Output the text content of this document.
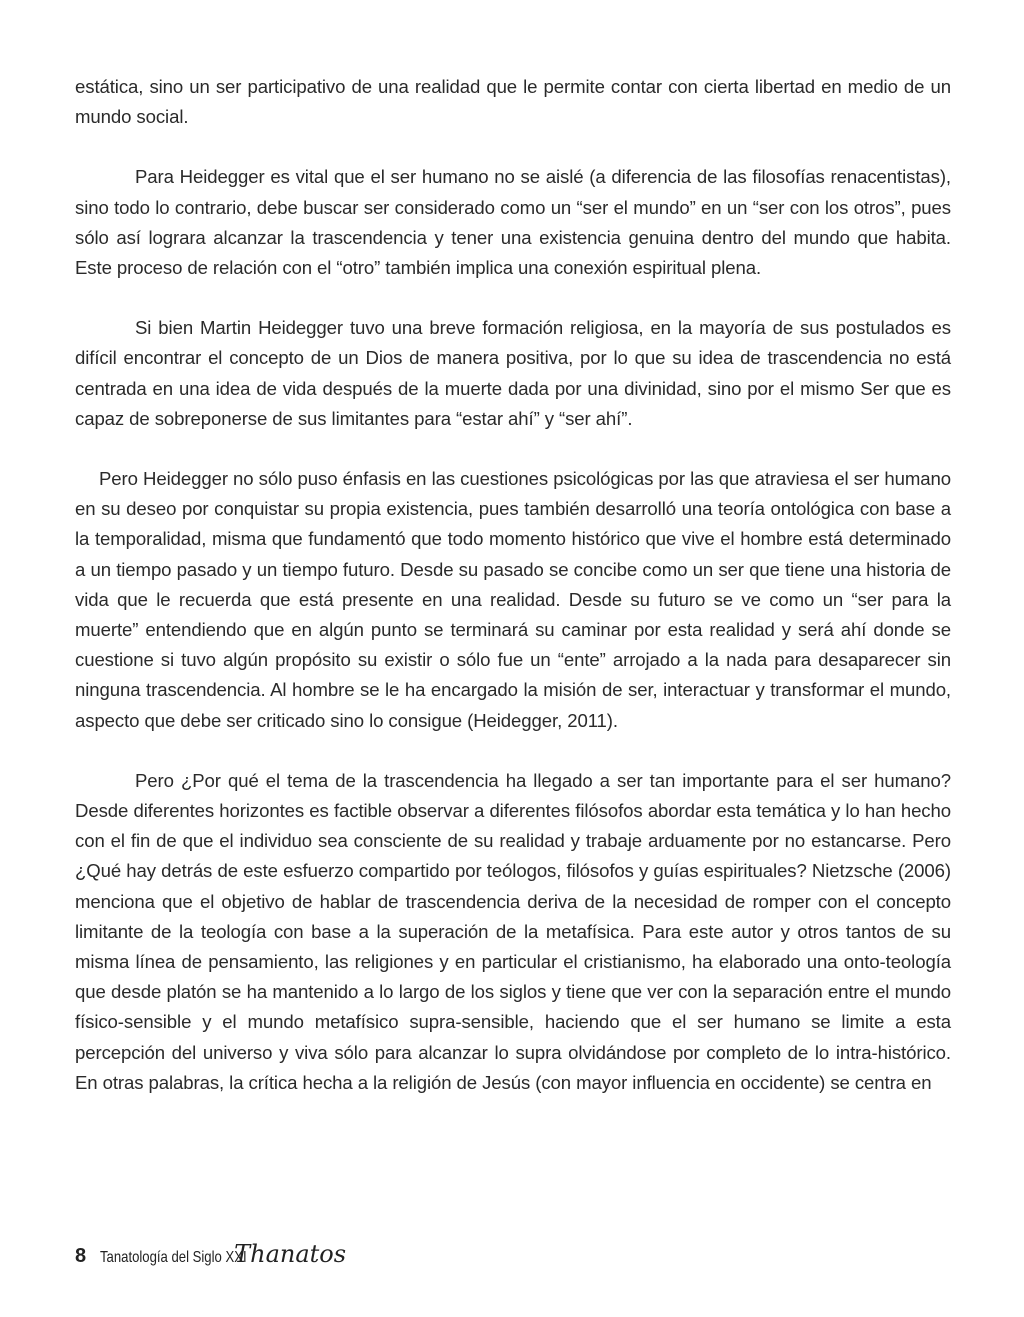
estática, sino un ser participativo de una realidad que le permite contar con cierta libertad en medio de un mundo social.

Para Heidegger es vital que el ser humano no se aislé (a diferencia de las filosofías renacentistas), sino todo lo contrario, debe buscar ser considerado como un “ser el mundo” en un “ser con los otros”, pues sólo así lograra alcanzar la trascendencia y tener una existencia genuina dentro del mundo que habita. Este proceso de relación con el “otro” también implica una conexión espiritual plena.

Si bien Martin Heidegger tuvo una breve formación religiosa, en la mayoría de sus postulados es difícil encontrar el concepto de un Dios de manera positiva, por lo que su idea de trascendencia no está centrada en una idea de vida después de la muerte dada por una divinidad, sino por el mismo Ser que es capaz de sobreponerse de sus limitantes para “estar ahí” y “ser ahí”.

Pero Heidegger no sólo puso énfasis en las cuestiones psicológicas por las que atraviesa el ser humano en su deseo por conquistar su propia existencia, pues también desarrolló una teoría ontológica con base a la temporalidad, misma que fundamentó que todo momento histórico que vive el hombre está determinado a un tiempo pasado y un tiempo futuro. Desde su pasado se concibe como un ser que tiene una historia de vida que le recuerda que está presente en una realidad. Desde su futuro se ve como un “ser para la muerte” entendiendo que en algún punto se terminará su caminar por esta realidad y será ahí donde se cuestione si tuvo algún propósito su existir o sólo fue un “ente” arrojado a la nada para desaparecer sin ninguna trascendencia. Al hombre se le ha encargado la misión de ser, interactuar y transformar el mundo, aspecto que debe ser criticado sino lo consigue (Heidegger, 2011).

Pero ¿Por qué el tema de la trascendencia ha llegado a ser tan importante para el ser humano? Desde diferentes horizontes es factible observar a diferentes filósofos abordar esta temática y lo han hecho con el fin de que el individuo sea consciente de su realidad y trabaje arduamente por no estancarse. Pero ¿Qué hay detrás de este esfuerzo compartido por teólogos, filósofos y guías espirituales? Nietzsche (2006) menciona que el objetivo de hablar de trascendencia deriva de la necesidad de romper con el concepto limitante de la teología con base a la superación de la metafísica. Para este autor y otros tantos de su misma línea de pensamiento, las religiones y en particular el cristianismo, ha elaborado una onto-teología que desde platón se ha mantenido a lo largo de los siglos y tiene que ver con la separación entre el mundo físico-sensible y el mundo metafísico supra-sensible, haciendo que el ser humano se limite a esta percepción del universo y viva sólo para alcanzar lo supra olvidándose por completo de lo intra-histórico. En otras palabras, la crítica hecha a la religión de Jesús (con mayor influencia en occidente) se centra en

8 Tanatología del Siglo XXI
Thanatos
